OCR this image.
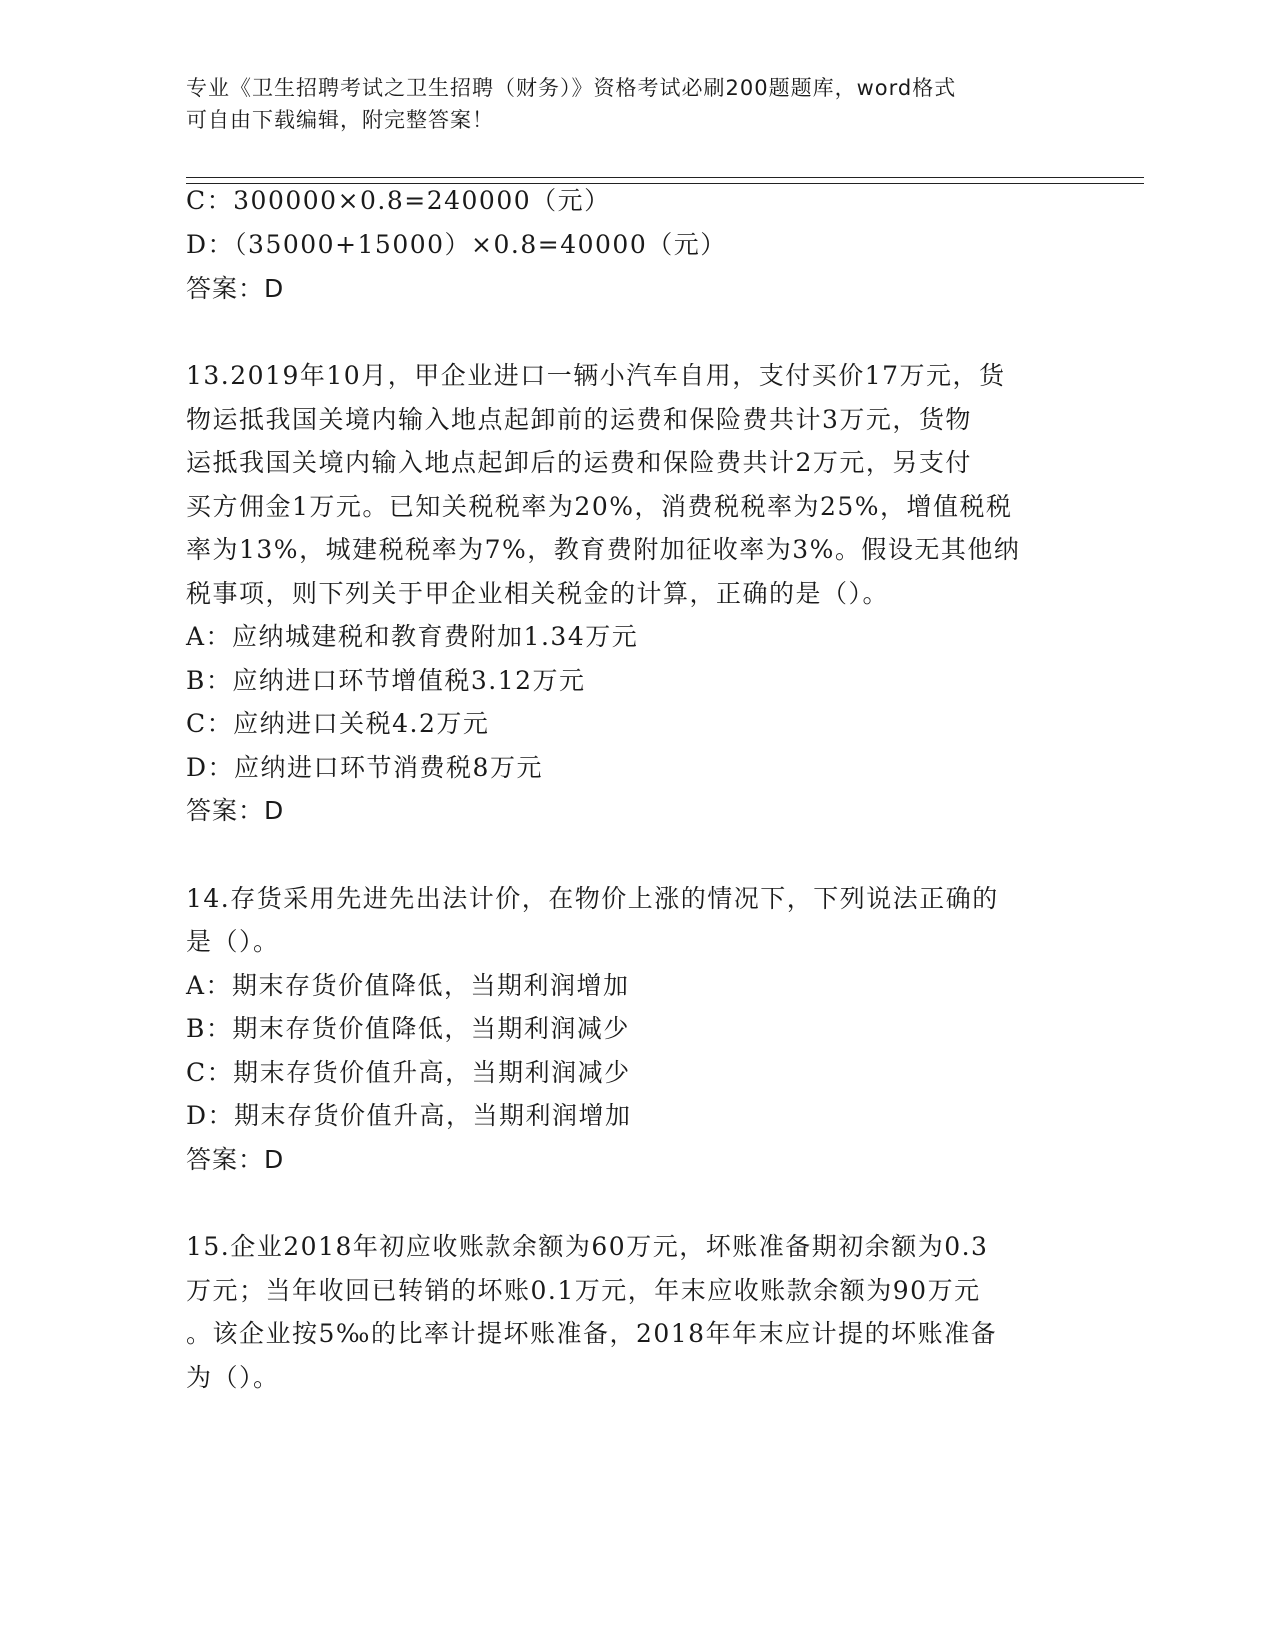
专业《卫生招聘考试之卫生招聘（财务）》资格考试必刷200题题库，word格式
可自由下载编辑，附完整答案！
C：300000×0.8=240000（元）
D：（35000+15000）×0.8=40000（元）
答案：D
13.2019年10月，甲企业进口一辆小汽车自用，支付买价17万元，货
物运抵我国关境内输入地点起卸前的运费和保险费共计3万元，货物
运抵我国关境内输入地点起卸后的运费和保险费共计2万元，另支付
买方佣金1万元。已知关税税率为20%，消费税税率为25%，增值税税
率为13%，城建税税率为7%，教育费附加征收率为3%。假设无其他纳
税事项，则下列关于甲企业相关税金的计算，正确的是（）。
A：应纳城建税和教育费附加1.34万元
B：应纳进口环节增值税3.12万元
C：应纳进口关税4.2万元
D：应纳进口环节消费税8万元
答案：D
14.存货采用先进先出法计价，在物价上涨的情况下，下列说法正确的
是（）。
A：期末存货价值降低，当期利润增加
B：期末存货价值降低，当期利润减少
C：期末存货价值升高，当期利润减少
D：期末存货价值升高，当期利润增加
答案：D
15.企业2018年初应收账款余额为60万元，坏账准备期初余额为0.3
万元；当年收回已转销的坏账0.1万元，年末应收账款余额为90万元
。该企业按5‰的比率计提坏账准备，2018年年末应计提的坏账准备
为（）。
